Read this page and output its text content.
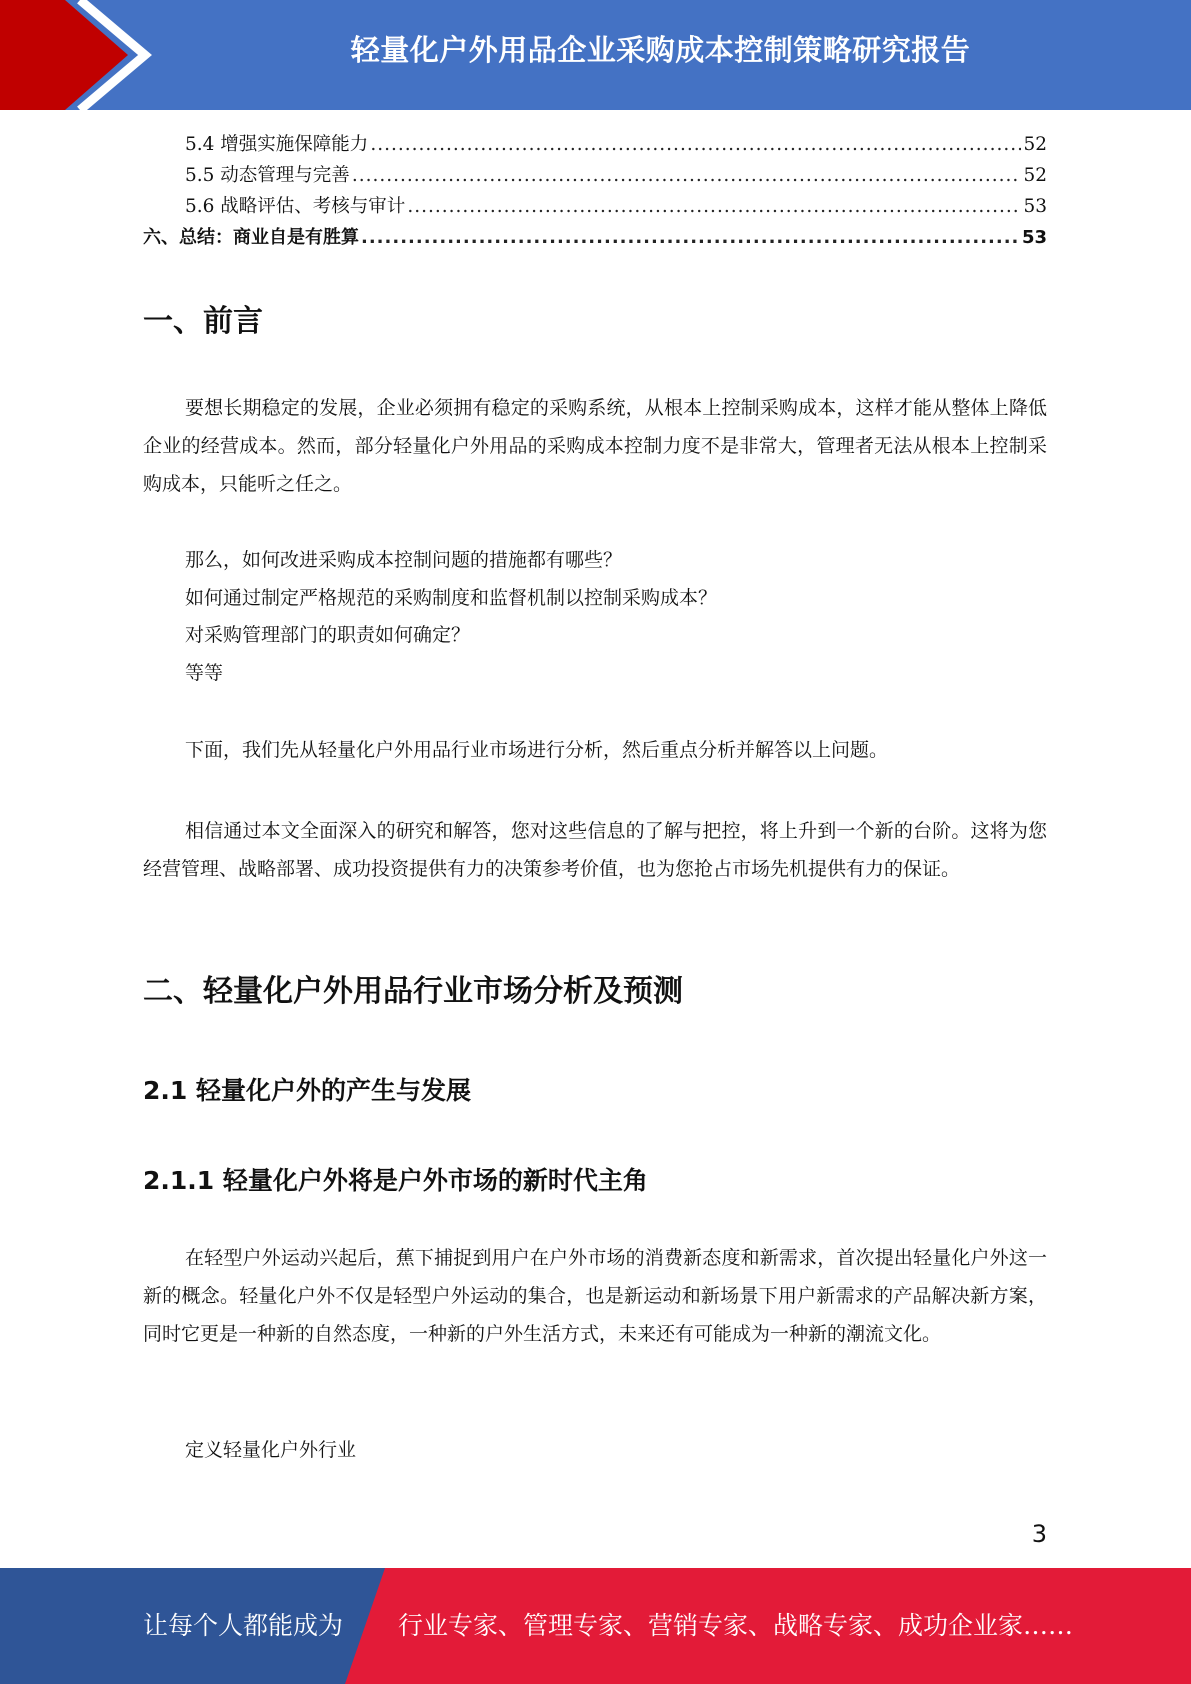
轻量化户外用品企业采购成本控制策略研究报告
5.4 增强实施保障能力 .....	52
5.5 动态管理与完善 .....	52
5.6 战略评估、考核与审计 .....	53
六、总结：商业自是有胜算 .....	53
一、前言

要想长期稳定的发展，企业必须拥有稳定的采购系统，从根本上控制采购成本，这样才能从整体上降低企业的经营成本。然而，部分轻量化户外用品的采购成本控制力度不是非常大，管理者无法从根本上控制采购成本，只能听之任之。

那么，如何改进采购成本控制问题的措施都有哪些？

如何通过制定严格规范的采购制度和监督机制以控制采购成本？

对采购管理部门的职责如何确定？

等等

下面，我们先从轻量化户外用品行业市场进行分析，然后重点分析并解答以上问题。

相信通过本文全面深入的研究和解答，您对这些信息的了解与把控，将上升到一个新的台阶。这将为您经营管理、战略部署、成功投资提供有力的决策参考价值，也为您抢占市场先机提供有力的保证。

二、轻量化户外用品行业市场分析及预测
2.1 轻量化户外的产生与发展
2.1.1 轻量化户外将是户外市场的新时代主角

在轻型户外运动兴起后，蕉下捕捉到用户在户外市场的消费新态度和新需求，首次提出轻量化户外这一新的概念。轻量化户外不仅是轻型户外运动的集合，也是新运动和新场景下用户新需求的产品解决新方案，同时它更是一种新的自然态度，一种新的户外生活方式，未来还有可能成为一种新的潮流文化。

定义轻量化户外行业

3
让每个人都能成为 行业专家、管理专家、营销专家、战略专家、成功企业家……
